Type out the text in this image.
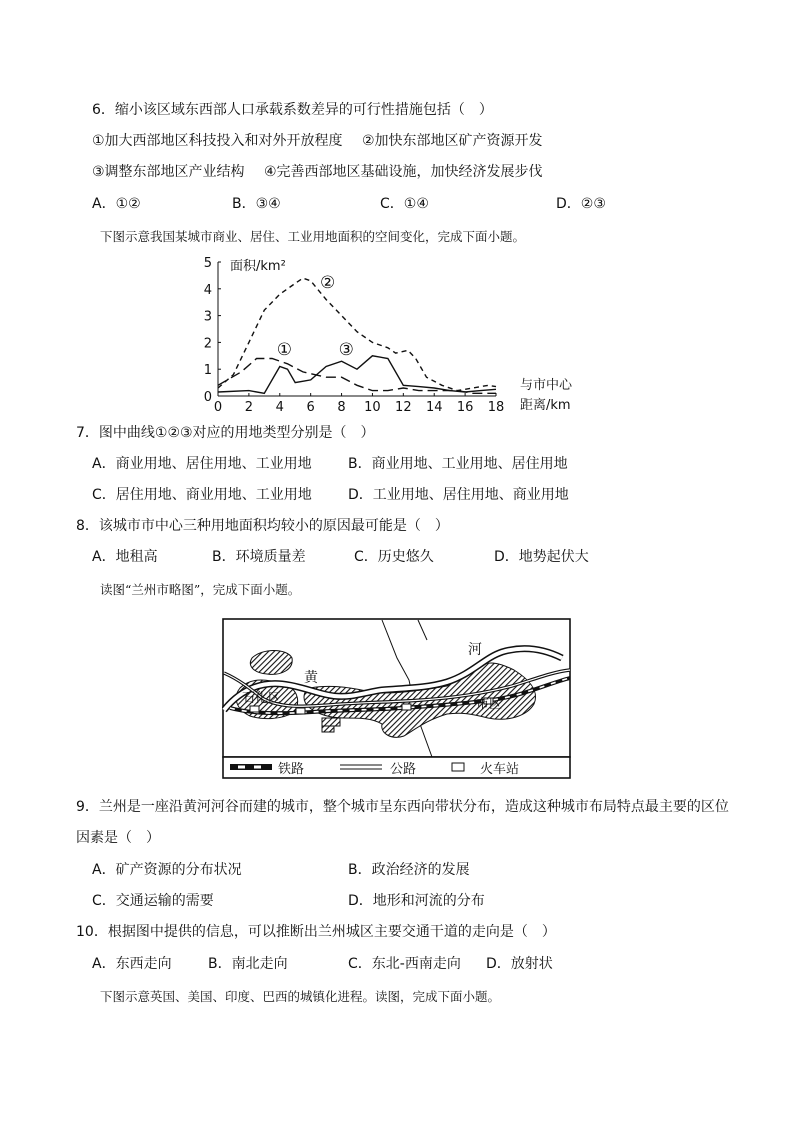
6．缩小该区域东西部人口承载系数差异的可行性措施包括（　）
①加大西部地区科技投入和对外开放程度 ②加快东部地区矿产资源开发
③调整东部地区产业结构 ④完善西部地区基础设施，加快经济发展步伐
A．①②	B．③④	C．①④	D．②③
下图示意我国某城市商业、居住、工业用地面积的空间变化，完成下面小题。
0
1
2
3
4
5
0 2 4 6 8 10 12 14 16 18
①
②
③
面积/km²
与市中心
距离/km
7．图中曲线①②③对应的用地类型分别是（　）
A．商业用地、居住用地、工业用地	B．商业用地、工业用地、居住用地
C．居住用地、商业用地、工业用地	D．工业用地、居住用地、商业用地
8．该城市市中心三种用地面积均较小的原因最可能是（　）
A．地租高	B．环境质量差	C．历史悠久	D．地势起伏大
读图“兰州市略图”，完成下面小题。
黄
河
石化区	市区
铁路	公路	火车站
9．兰州是一座沿黄河河谷而建的城市，整个城市呈东西向带状分布，造成这种城市布局特点最主要的区位
因素是（　）
A．矿产资源的分布状况	B．政治经济的发展
C．交通运输的需要	D．地形和河流的分布
10．根据图中提供的信息，可以推断出兰州城区主要交通干道的走向是（　）
A．东西走向	B．南北走向	C．东北-西南走向 D．放射状
下图示意英国、美国、印度、巴西的城镇化进程。读图，完成下面小题。
